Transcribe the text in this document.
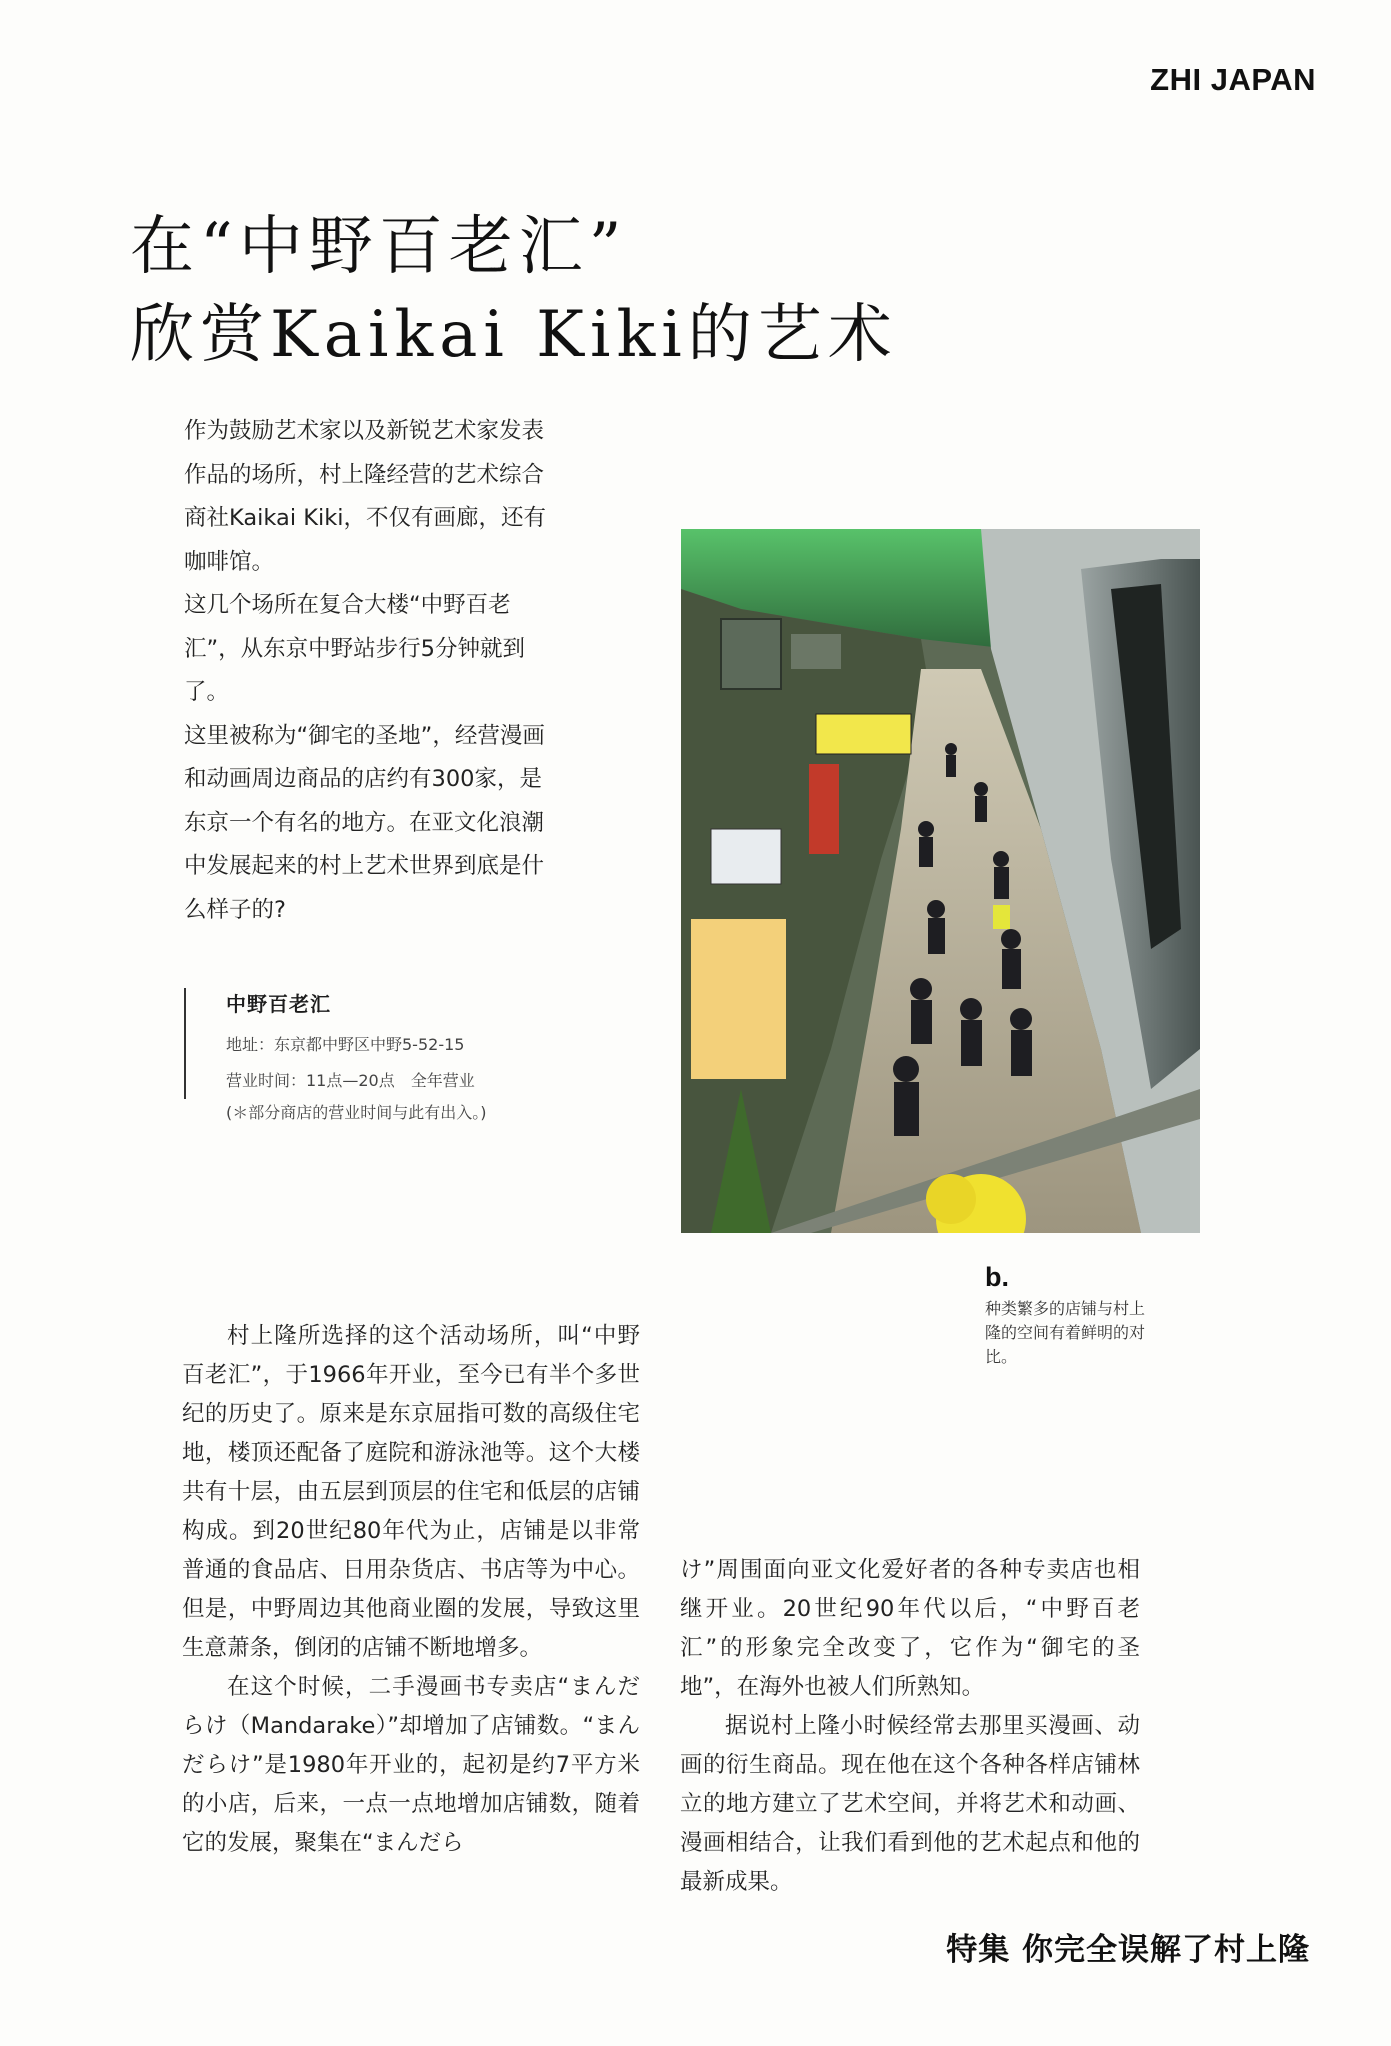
ZHI JAPAN
在“中野百老汇”
欣赏Kaikai Kiki的艺术

作为鼓励艺术家以及新锐艺术家发表作品的场所，村上隆经营的艺术综合商社Kaikai Kiki，不仅有画廊，还有咖啡馆。

这几个场所在复合大楼“中野百老汇”，从东京中野站步行5分钟就到了。

这里被称为“御宅的圣地”，经营漫画和动画周边商品的店约有300家，是东京一个有名的地方。在亚文化浪潮中发展起来的村上艺术世界到底是什么样子的?

中野百老汇
地址：东京都中野区中野5-52-15
营业时间：11点—20点　全年营业
(＊部分商店的营业时间与此有出入。)
b.
种类繁多的店铺与村上隆的空间有着鲜明的对比。

村上隆所选择的这个活动场所，叫“中野百老汇”，于1966年开业，至今已有半个多世纪的历史了。原来是东京屈指可数的高级住宅地，楼顶还配备了庭院和游泳池等。这个大楼共有十层，由五层到顶层的住宅和低层的店铺构成。到20世纪80年代为止，店铺是以非常普通的食品店、日用杂货店、书店等为中心。但是，中野周边其他商业圈的发展，导致这里生意萧条，倒闭的店铺不断地增多。

在这个时候，二手漫画书专卖店“まんだらけ（Mandarake）”却增加了店铺数。“まんだらけ”是1980年开业的，起初是约7平方米的小店，后来，一点一点地增加店铺数，随着它的发展，聚集在“まんだら

け”周围面向亚文化爱好者的各种专卖店也相继开业。20世纪90年代以后，“中野百老汇”的形象完全改变了，它作为“御宅的圣地”，在海外也被人们所熟知。

据说村上隆小时候经常去那里买漫画、动画的衍生商品。现在他在这个各种各样店铺林立的地方建立了艺术空间，并将艺术和动画、漫画相结合，让我们看到他的艺术起点和他的最新成果。

特集 你完全误解了村上隆
